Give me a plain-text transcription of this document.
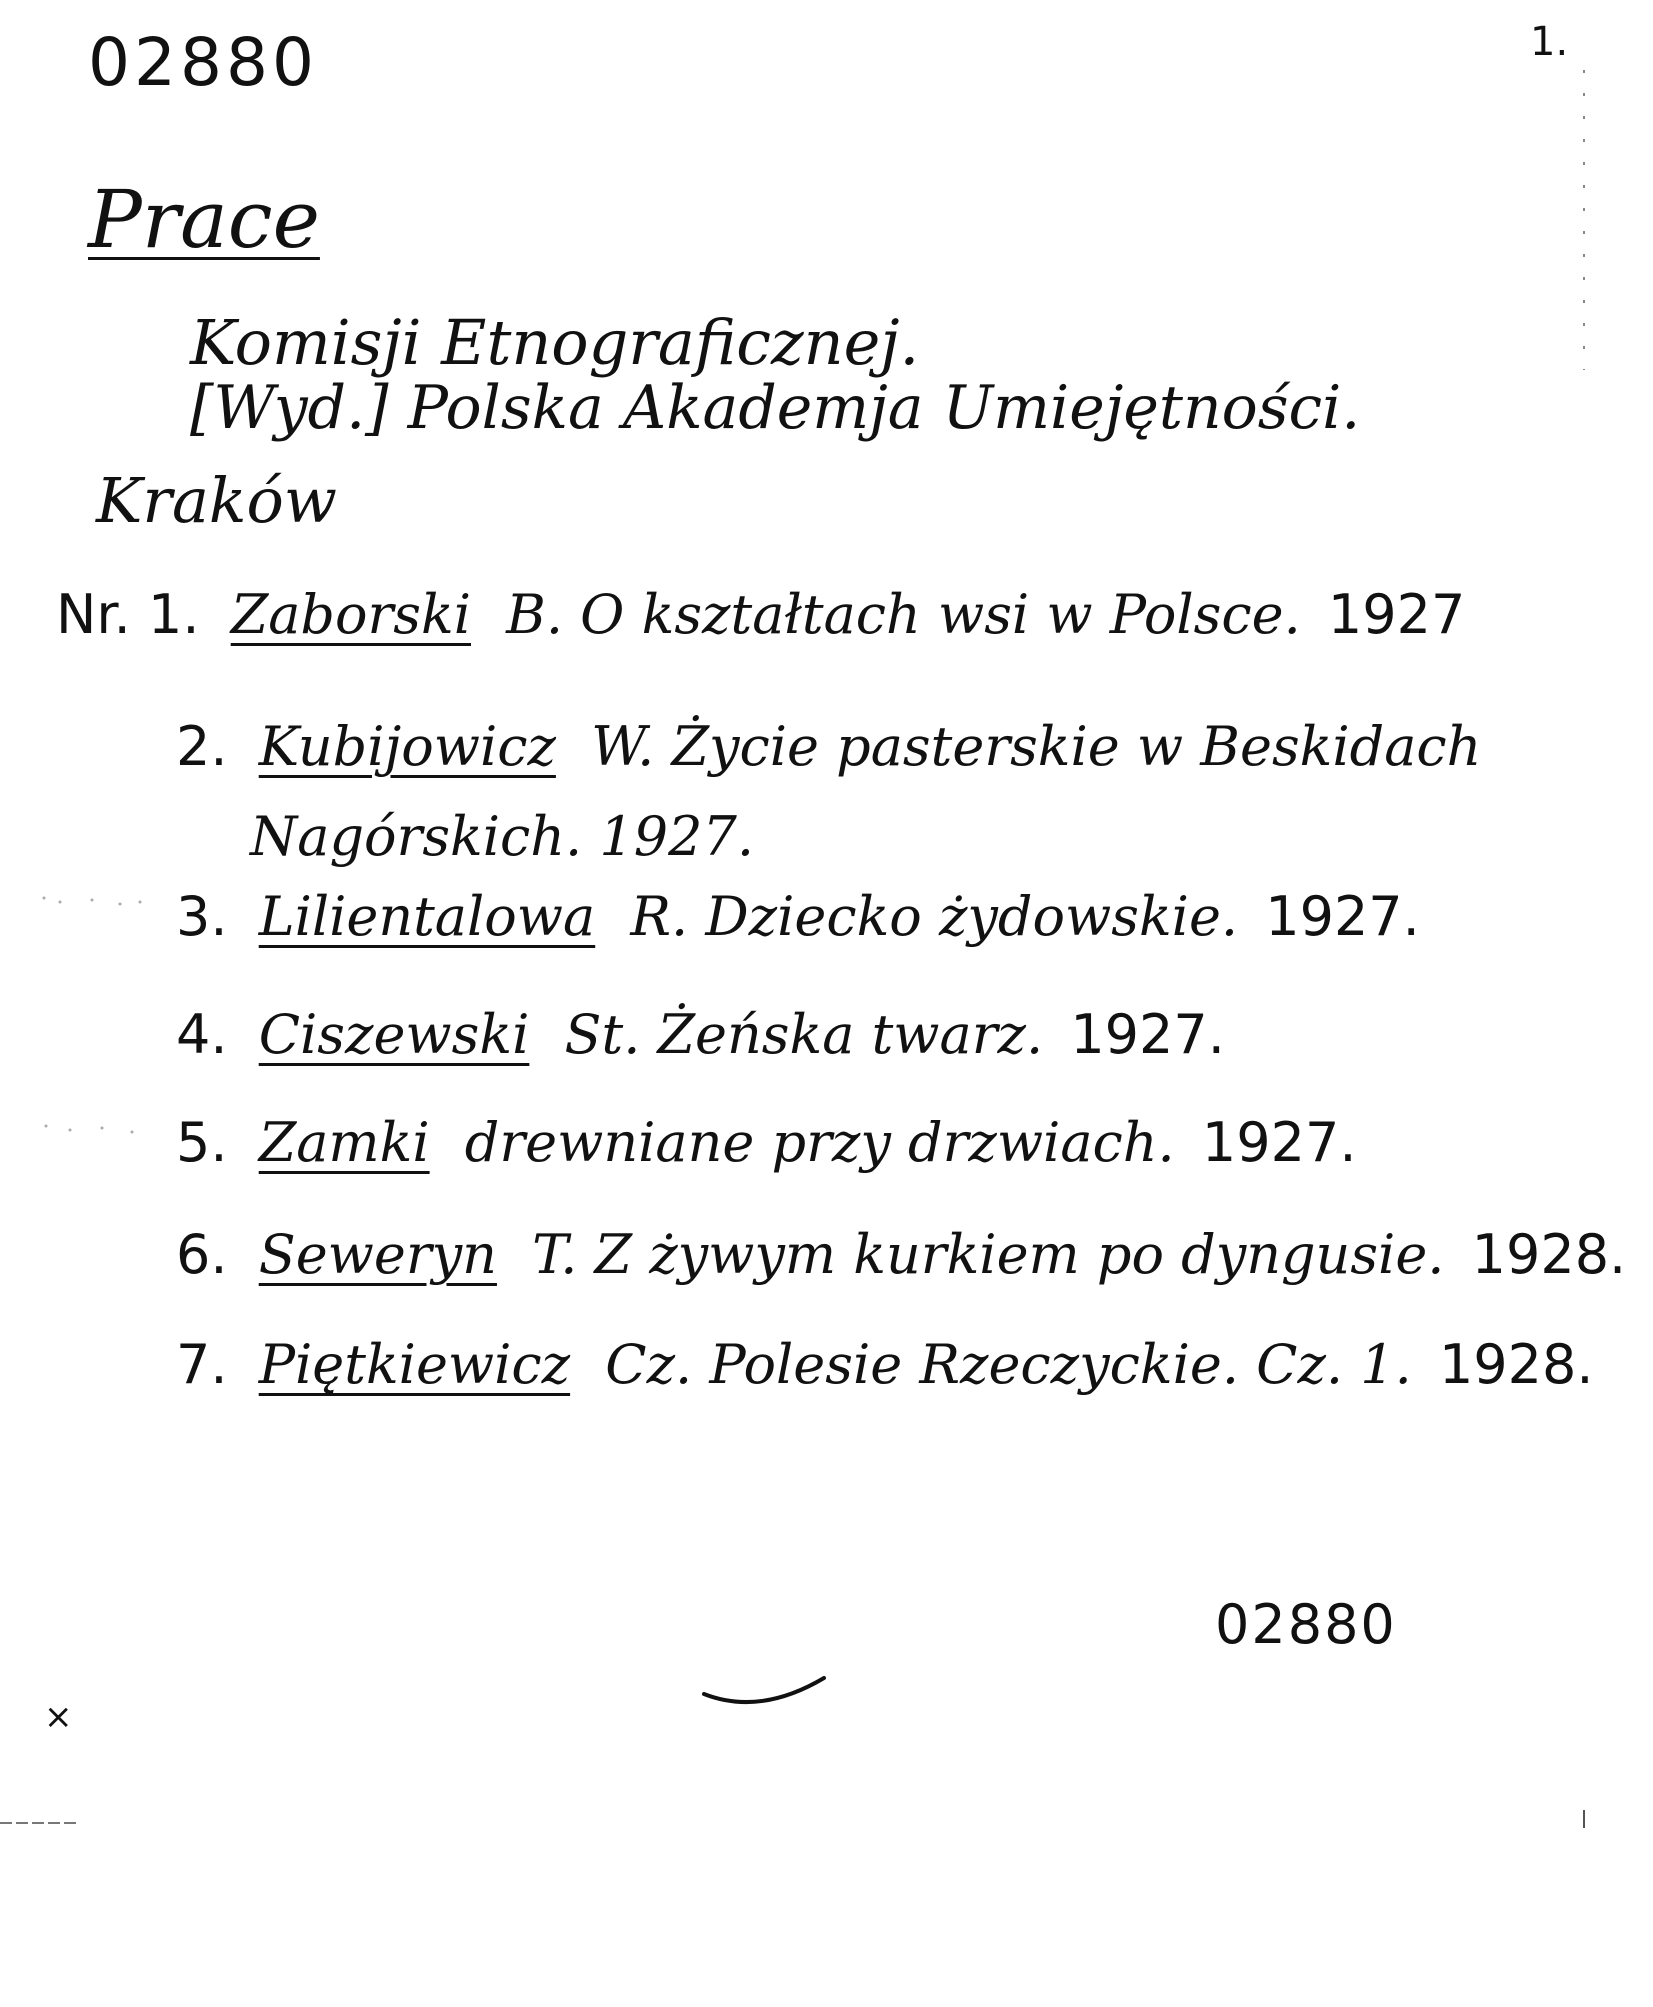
02880	1.
Prace
Komisji Etnograficznej.
[Wyd.] Polska Akademja Umiejętności.
Kraków
Nr. 1. Zaborski B. O kształtach wsi w Polsce. 1927
2. Kubijowicz W. Życie pasterskie w Beskidach
Nagórskich. 1927.
3. Lilientalowa R. Dziecko żydowskie. 1927.
4. Ciszewski St. Żeńska twarz. 1927.
5. Zamki drewniane przy drzwiach. 1927.
6. Seweryn T. Z żywym kurkiem po dyngusie. 1928.
7. Piętkiewicz Cz. Polesie Rzeczyckie. Cz. 1. 1928.
02880
×
